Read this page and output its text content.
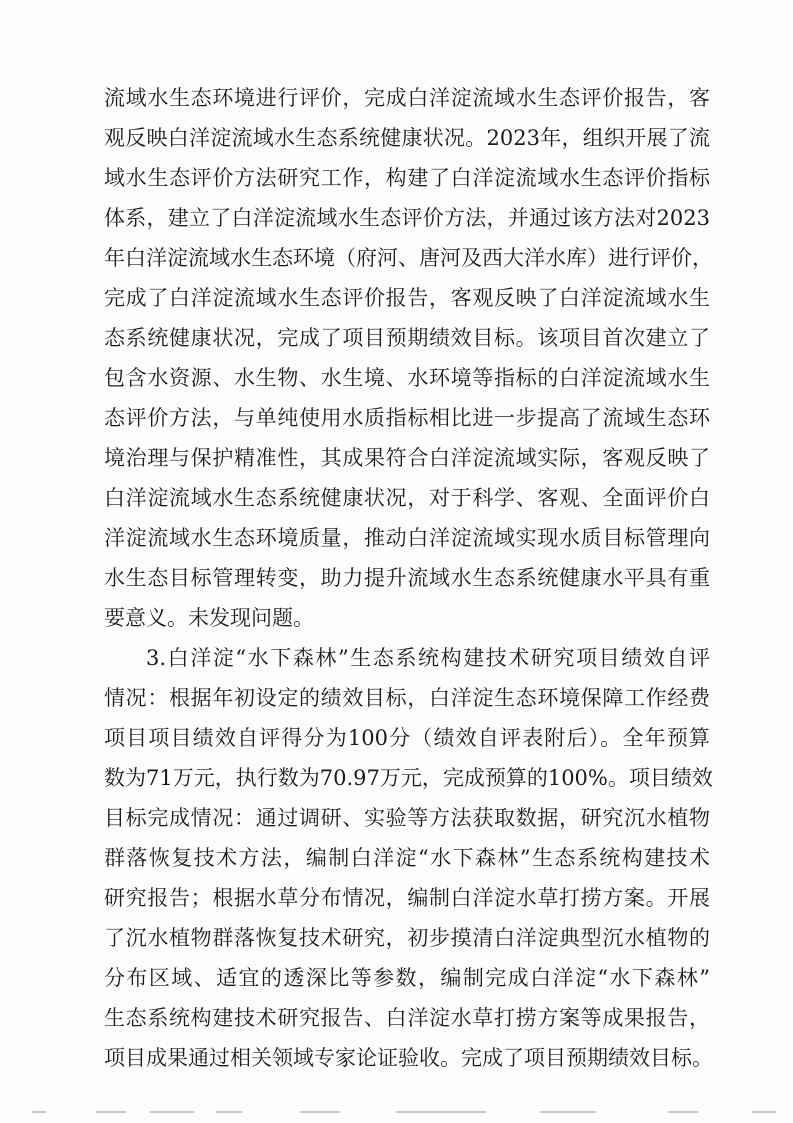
流域水生态环境进行评价，完成白洋淀流域水生态评价报告，客

观反映白洋淀流域水生态系统健康状况。2023年，组织开展了流

域水生态评价方法研究工作，构建了白洋淀流域水生态评价指标

体系，建立了白洋淀流域水生态评价方法，并通过该方法对2023

年白洋淀流域水生态环境（府河、唐河及西大洋水库）进行评价，

完成了白洋淀流域水生态评价报告，客观反映了白洋淀流域水生

态系统健康状况，完成了项目预期绩效目标。该项目首次建立了

包含水资源、水生物、水生境、水环境等指标的白洋淀流域水生

态评价方法，与单纯使用水质指标相比进一步提高了流域生态环

境治理与保护精准性，其成果符合白洋淀流域实际，客观反映了

白洋淀流域水生态系统健康状况，对于科学、客观、全面评价白

洋淀流域水生态环境质量，推动白洋淀流域实现水质目标管理向

水生态目标管理转变，助力提升流域水生态系统健康水平具有重

要意义。未发现问题。

3.白洋淀“水下森林”生态系统构建技术研究项目绩效自评

情况：根据年初设定的绩效目标，白洋淀生态环境保障工作经费

项目项目绩效自评得分为100分（绩效自评表附后）。全年预算

数为71万元，执行数为70.97万元，完成预算的100%。项目绩效

目标完成情况：通过调研、实验等方法获取数据，研究沉水植物

群落恢复技术方法，编制白洋淀“水下森林”生态系统构建技术

研究报告；根据水草分布情况，编制白洋淀水草打捞方案。开展

了沉水植物群落恢复技术研究，初步摸清白洋淀典型沉水植物的

分布区域、适宜的透深比等参数，编制完成白洋淀“水下森林”

生态系统构建技术研究报告、白洋淀水草打捞方案等成果报告，

项目成果通过相关领域专家论证验收。完成了项目预期绩效目标。
